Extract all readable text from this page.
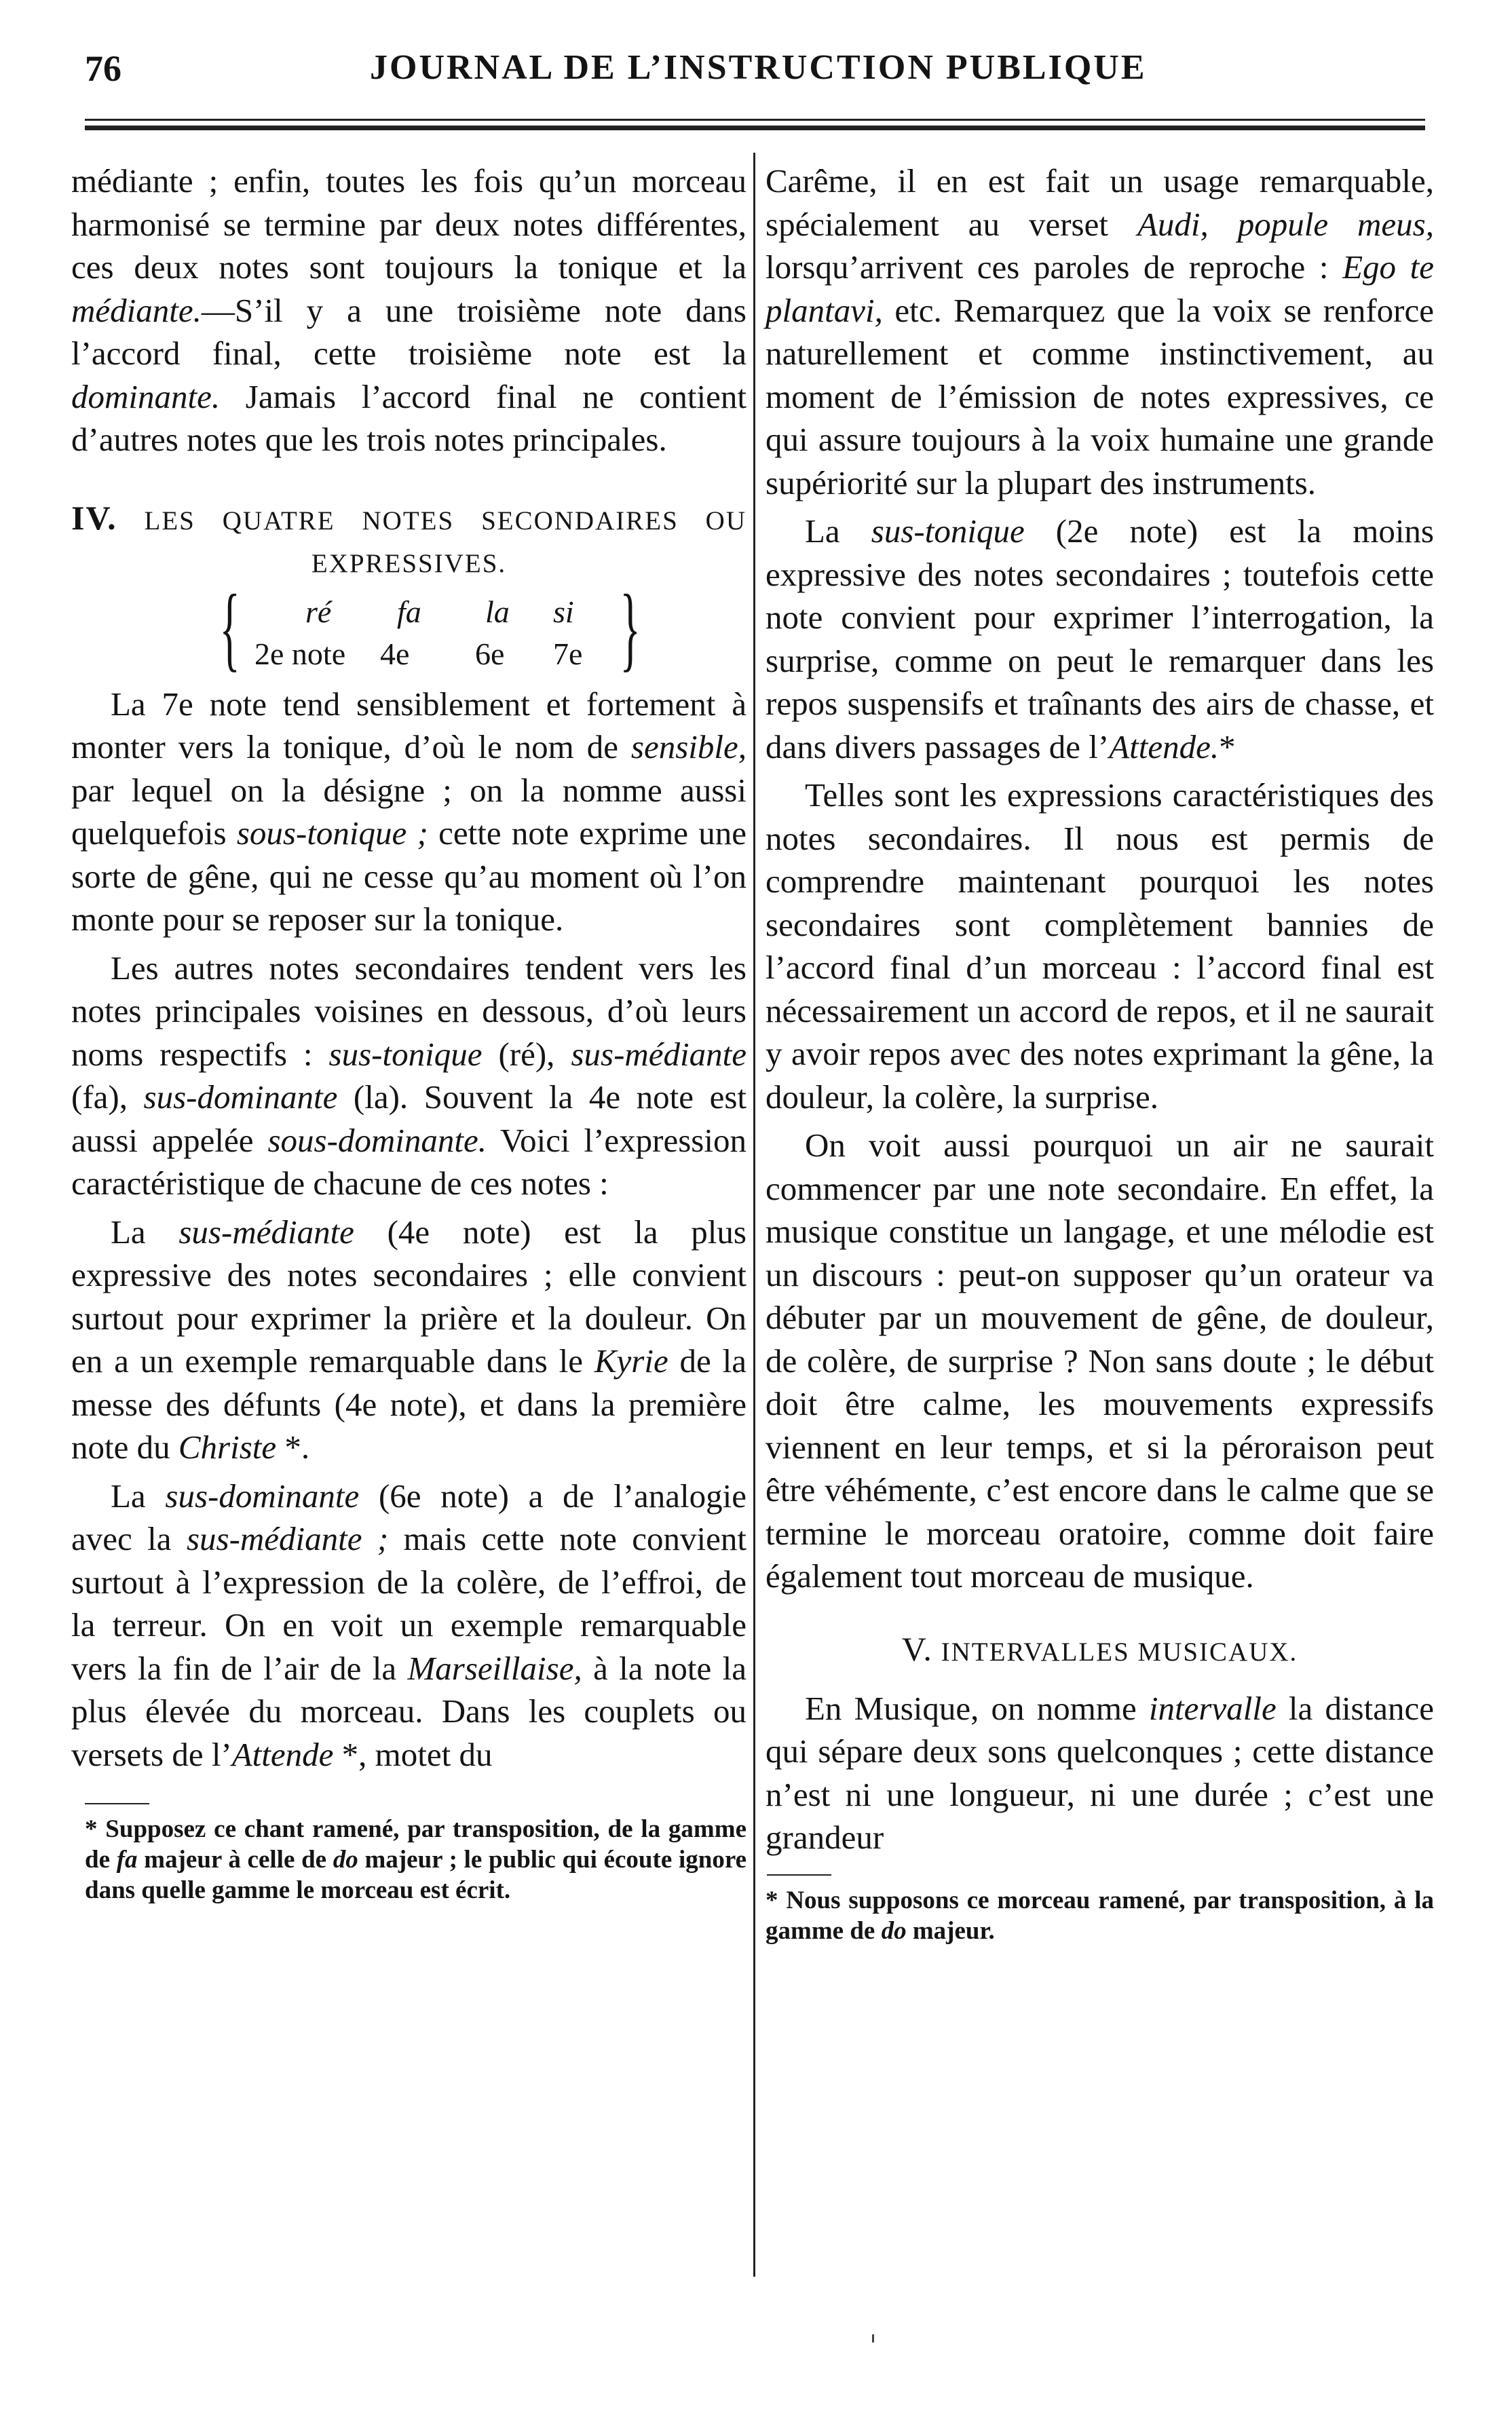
76	JOURNAL DE L’INSTRUCTION PUBLIQUE

médiante ; enfin, toutes les fois qu’un morceau harmonisé se termine par deux notes différentes, ces deux notes sont toujours la tonique et la médiante.—S’il y a une troisième note dans l’accord final, cette troisième note est la dominante. Jamais l’accord final ne contient d’autres notes que les trois notes principales.

IV. LES QUATRE NOTES SECONDAIRES OU
EXPRESSIVES.
{ ré fa la si
2e note 4e 6e 7e }

La 7e note tend sensiblement et fortement à monter vers la tonique, d’où le nom de sensible, par lequel on la désigne ; on la nomme aussi quelquefois sous-tonique ; cette note exprime une sorte de gêne, qui ne cesse qu’au moment où l’on monte pour se reposer sur la tonique.

Les autres notes secondaires tendent vers les notes principales voisines en dessous, d’où leurs noms respectifs : sus-tonique (ré), sus-médiante (fa), sus-dominante (la). Souvent la 4e note est aussi appelée sous-dominante. Voici l’expression caractéristique de chacune de ces notes :

La sus-médiante (4e note) est la plus expressive des notes secondaires ; elle convient surtout pour exprimer la prière et la douleur. On en a un exemple remarquable dans le Kyrie de la messe des défunts (4e note), et dans la première note du Christe *.

La sus-dominante (6e note) a de l’analogie avec la sus-médiante ; mais cette note convient surtout à l’expression de la colère, de l’effroi, de la terreur. On en voit un exemple remarquable vers la fin de l’air de la Marseillaise, à la note la plus élevée du morceau. Dans les couplets ou versets de l’Attende *, motet du

* Supposez ce chant ramené, par transposition, de la gamme de fa majeur à celle de do majeur ; le public qui écoute ignore dans quelle gamme le morceau est écrit.

Carême, il en est fait un usage remarquable, spécialement au verset Audi, popule meus, lorsqu’arrivent ces paroles de reproche : Ego te plantavi, etc. Remarquez que la voix se renforce naturellement et comme instinctivement, au moment de l’émission de notes expressives, ce qui assure toujours à la voix humaine une grande supériorité sur la plupart des instruments.

La sus-tonique (2e note) est la moins expressive des notes secondaires ; toutefois cette note convient pour exprimer l’interrogation, la surprise, comme on peut le remarquer dans les repos suspensifs et traînants des airs de chasse, et dans divers passages de l’Attende.*

Telles sont les expressions caractéristiques des notes secondaires. Il nous est permis de comprendre maintenant pourquoi les notes secondaires sont complètement bannies de l’accord final d’un morceau : l’accord final est nécessairement un accord de repos, et il ne saurait y avoir repos avec des notes exprimant la gêne, la douleur, la colère, la surprise.

On voit aussi pourquoi un air ne saurait commencer par une note secondaire. En effet, la musique constitue un langage, et une mélodie est un discours : peut-on supposer qu’un orateur va débuter par un mouvement de gêne, de douleur, de colère, de surprise ? Non sans doute ; le début doit être calme, les mouvements expressifs viennent en leur temps, et si la péroraison peut être véhémente, c’est encore dans le calme que se termine le morceau oratoire, comme doit faire également tout morceau de musique.

V. INTERVALLES MUSICAUX.

En Musique, on nomme intervalle la distance qui sépare deux sons quelconques ; cette distance n’est ni une longueur, ni une durée ; c’est une grandeur

* Nous supposons ce morceau ramené, par transposition, à la gamme de do majeur.
